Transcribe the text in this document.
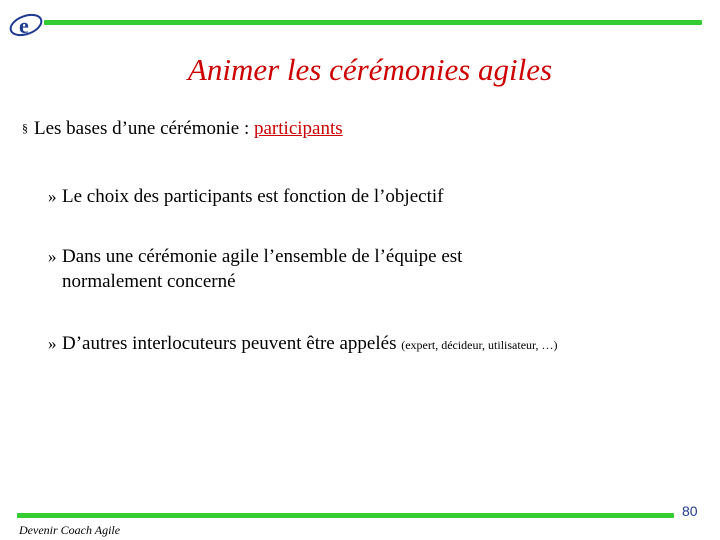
e
Animer les cérémonies agiles
§ Les bases d’une cérémonie : participants
» Le choix des participants est fonction de l’objectif
» Dans une cérémonie agile l’ensemble de l’équipe est
normalement concerné
» D’autres interlocuteurs peuvent être appelés (expert, décideur, utilisateur, …)
80
Devenir Coach Agile
